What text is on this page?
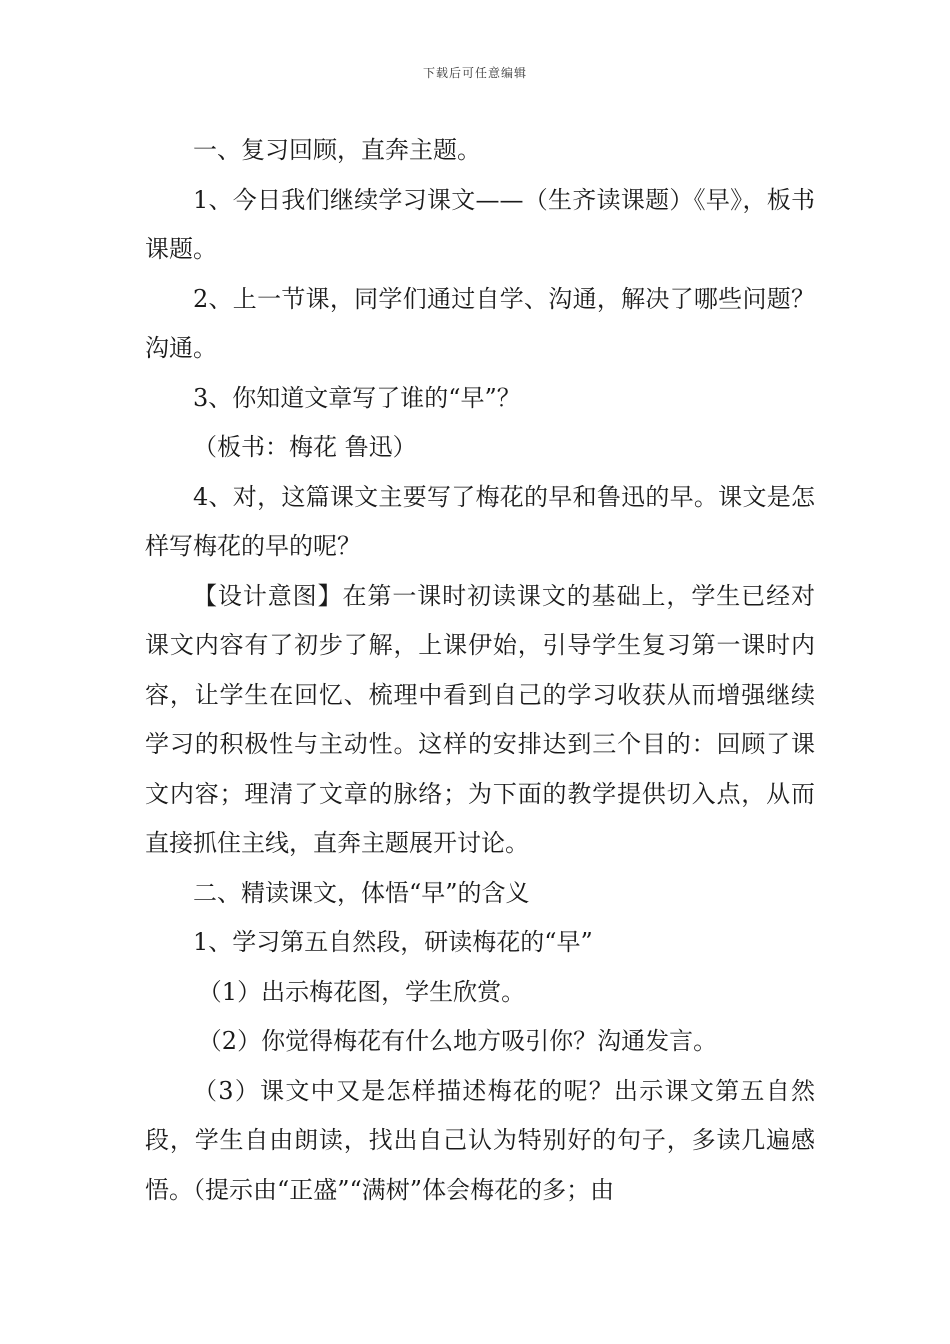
下载后可任意编辑

一、复习回顾，直奔主题。

1、今日我们继续学习课文——（生齐读课题）《早》，板书课题。

2、上一节课，同学们通过自学、沟通，解决了哪些问题？沟通。

3、你知道文章写了谁的“早”？

（板书：梅花 鲁迅）

4、对，这篇课文主要写了梅花的早和鲁迅的早。课文是怎样写梅花的早的呢？

【设计意图】在第一课时初读课文的基础上，学生已经对课文内容有了初步了解，上课伊始，引导学生复习第一课时内容，让学生在回忆、梳理中看到自己的学习收获从而增强继续学习的积极性与主动性。这样的安排达到三个目的：回顾了课文内容；理清了文章的脉络；为下面的教学提供切入点，从而直接抓住主线，直奔主题展开讨论。

二、精读课文，体悟“早”的含义

1、学习第五自然段，研读梅花的“早”

（1）出示梅花图，学生欣赏。

（2）你觉得梅花有什么地方吸引你？沟通发言。

（3）课文中又是怎样描述梅花的呢？出示课文第五自然段，学生自由朗读，找出自己认为特别好的句子，多读几遍感悟。（提示由“正盛”“满树”体会梅花的多；由
